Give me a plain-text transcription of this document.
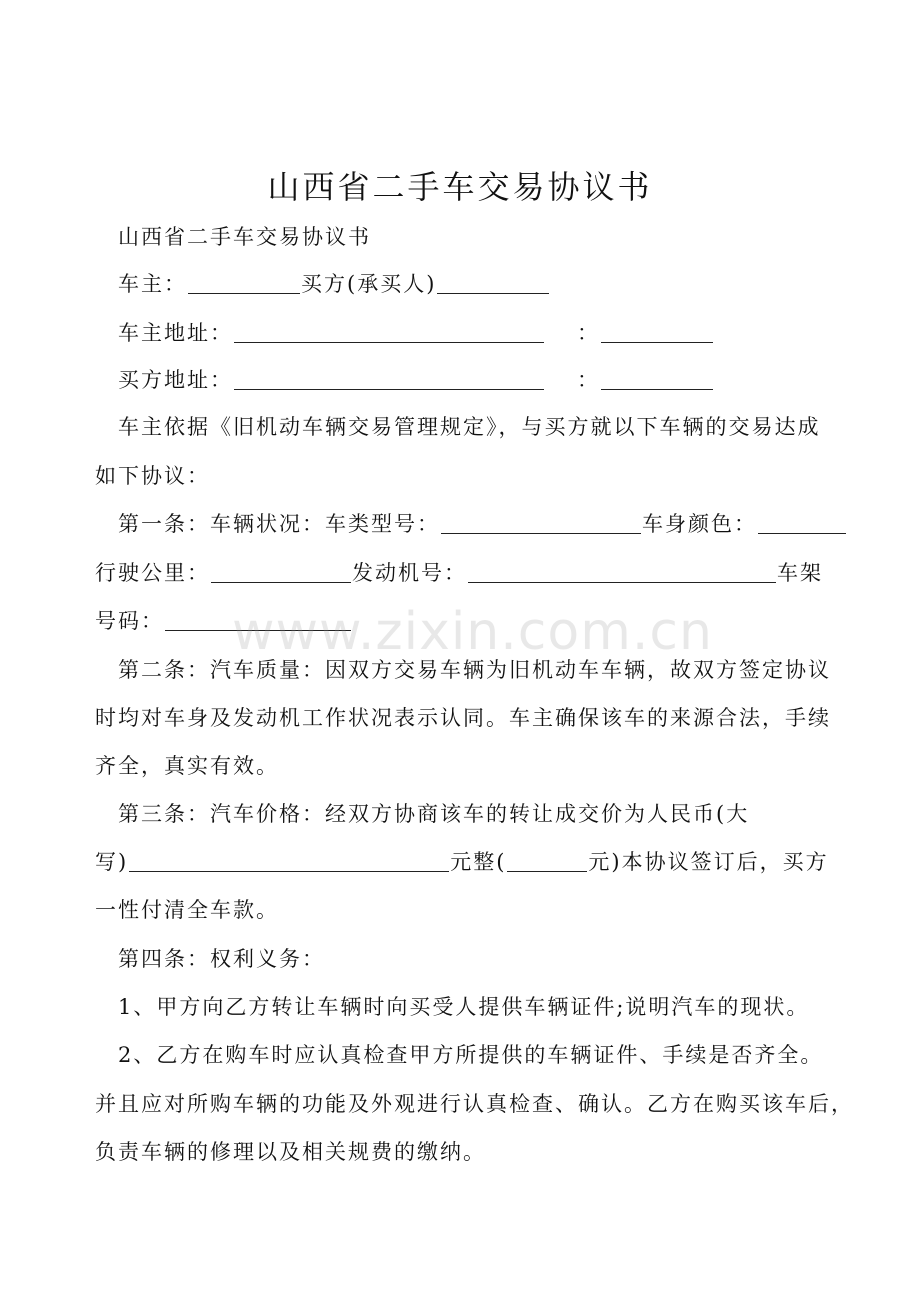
山西省二手车交易协议书
山西省二手车交易协议书
车主：	买方(承买人)
车主地址：	：
买方地址：	：
车主依据《旧机动车辆交易管理规定》，与买方就以下车辆的交易达成
如下协议：
第一条：车辆状况：车类型号：	车身颜色：
行驶公里：	发动机号：	车架
号码：
第二条：汽车质量：因双方交易车辆为旧机动车车辆，故双方签定协议
时均对车身及发动机工作状况表示认同。车主确保该车的来源合法，手续
齐全，真实有效。
第三条：汽车价格：经双方协商该车的转让成交价为人民币(大
写)	元整(	元)本协议签订后，买方
一性付清全车款。
第四条：权利义务：
1、甲方向乙方转让车辆时向买受人提供车辆证件;说明汽车的现状。
2、乙方在购车时应认真检查甲方所提供的车辆证件、手续是否齐全。
并且应对所购车辆的功能及外观进行认真检查、确认。乙方在购买该车后，
负责车辆的修理以及相关规费的缴纳。
www.zixin.com.cn
